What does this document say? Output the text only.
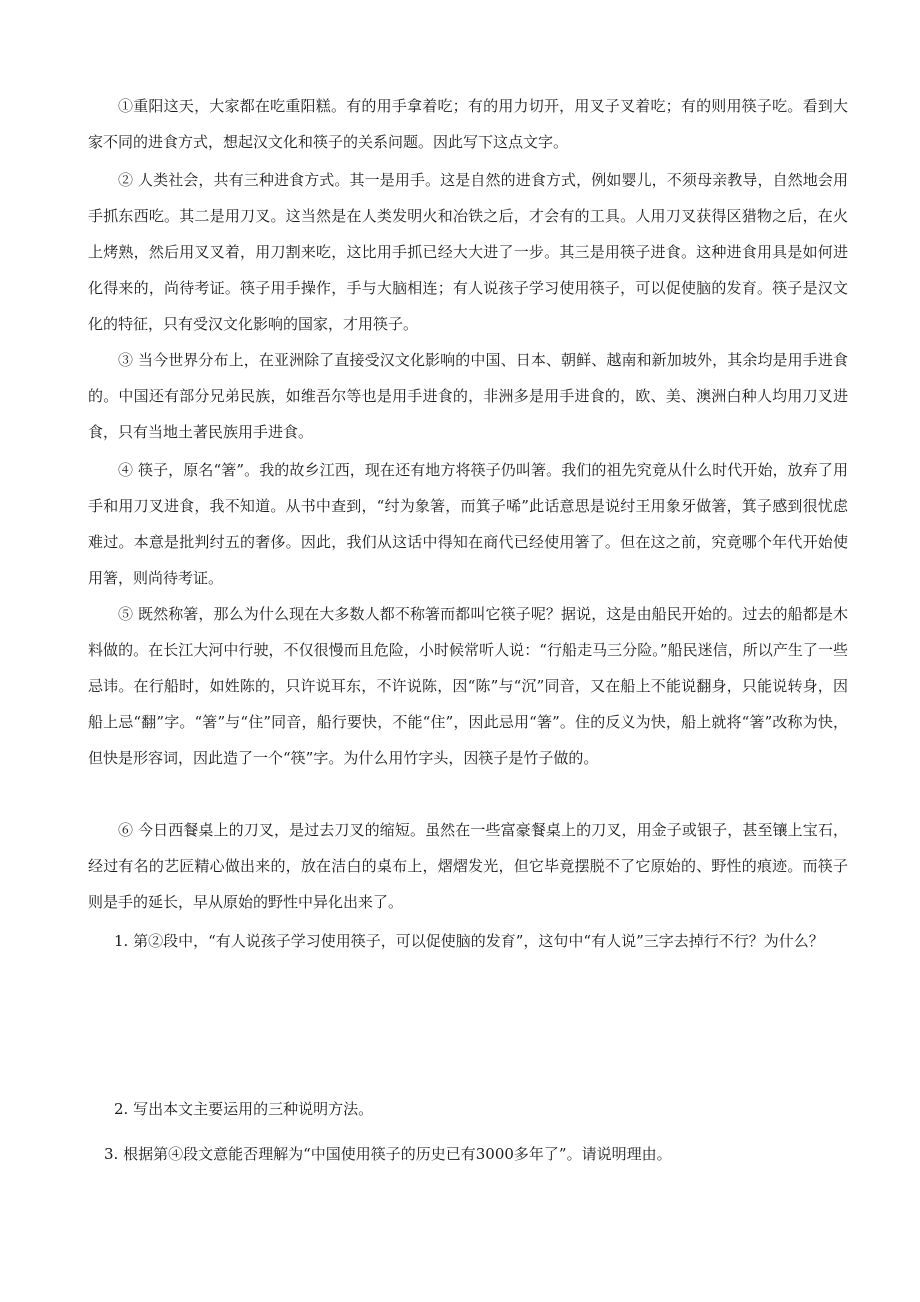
①重阳这天，大家都在吃重阳糕。有的用手拿着吃；有的用力切开，用叉子叉着吃；有的则用筷子吃。看到大家不同的进食方式，想起汉文化和筷子的关系问题。因此写下这点文字。

② 人类社会，共有三种进食方式。其一是用手。这是自然的进食方式，例如婴儿，不须母亲教导，自然地会用手抓东西吃。其二是用刀叉。这当然是在人类发明火和冶铁之后，才会有的工具。人用刀叉获得区猎物之后，在火上烤熟，然后用叉叉着，用刀割来吃，这比用手抓已经大大进了一步。其三是用筷子进食。这种进食用具是如何进化得来的，尚待考证。筷子用手操作，手与大脑相连；有人说孩子学习使用筷子，可以促使脑的发育。筷子是汉文化的特征，只有受汉文化影响的国家，才用筷子。

③ 当今世界分布上，在亚洲除了直接受汉文化影响的中国、日本、朝鲜、越南和新加坡外，其余均是用手进食的。中国还有部分兄弟民族，如维吾尔等也是用手进食的，非洲多是用手进食的，欧、美、澳洲白种人均用刀叉进食，只有当地土著民族用手进食。

④ 筷子，原名“箸”。我的故乡江西，现在还有地方将筷子仍叫箸。我们的祖先究竟从什么时代开始，放弃了用手和用刀叉进食，我不知道。从书中查到，“纣为象箸，而箕子唏”此话意思是说纣王用象牙做箸，箕子感到很忧虑难过。本意是批判纣五的奢侈。因此，我们从这话中得知在商代已经使用箸了。但在这之前，究竟哪个年代开始使用箸，则尚待考证。

⑤ 既然称箸，那么为什么现在大多数人都不称箸而都叫它筷子呢？据说，这是由船民开始的。过去的船都是木料做的。在长江大河中行驶，不仅很慢而且危险，小时候常听人说：“行船走马三分险。”船民迷信，所以产生了一些忌讳。在行船时，如姓陈的，只许说耳东，不许说陈，因“陈”与“沉”同音，又在船上不能说翻身，只能说转身，因船上忌“翻”字。“箸”与“住”同音，船行要快，不能“住”，因此忌用“箸”。住的反义为快，船上就将“箸”改称为快，但快是形容词，因此造了一个“筷”字。为什么用竹字头，因筷子是竹子做的。

⑥ 今日西餐桌上的刀叉，是过去刀叉的缩短。虽然在一些富豪餐桌上的刀叉，用金子或银子，甚至镶上宝石，经过有名的艺匠精心做出来的，放在洁白的桌布上，熠熠发光，但它毕竟摆脱不了它原始的、野性的痕迹。而筷子则是手的延长，早从原始的野性中异化出来了。

1. 第②段中，“有人说孩子学习使用筷子，可以促使脑的发育”，这句中“有人说”三字去掉行不行？为什么？

2. 写出本文主要运用的三种说明方法。

3. 根据第④段文意能否理解为“中国使用筷子的历史已有3000多年了”。请说明理由。
